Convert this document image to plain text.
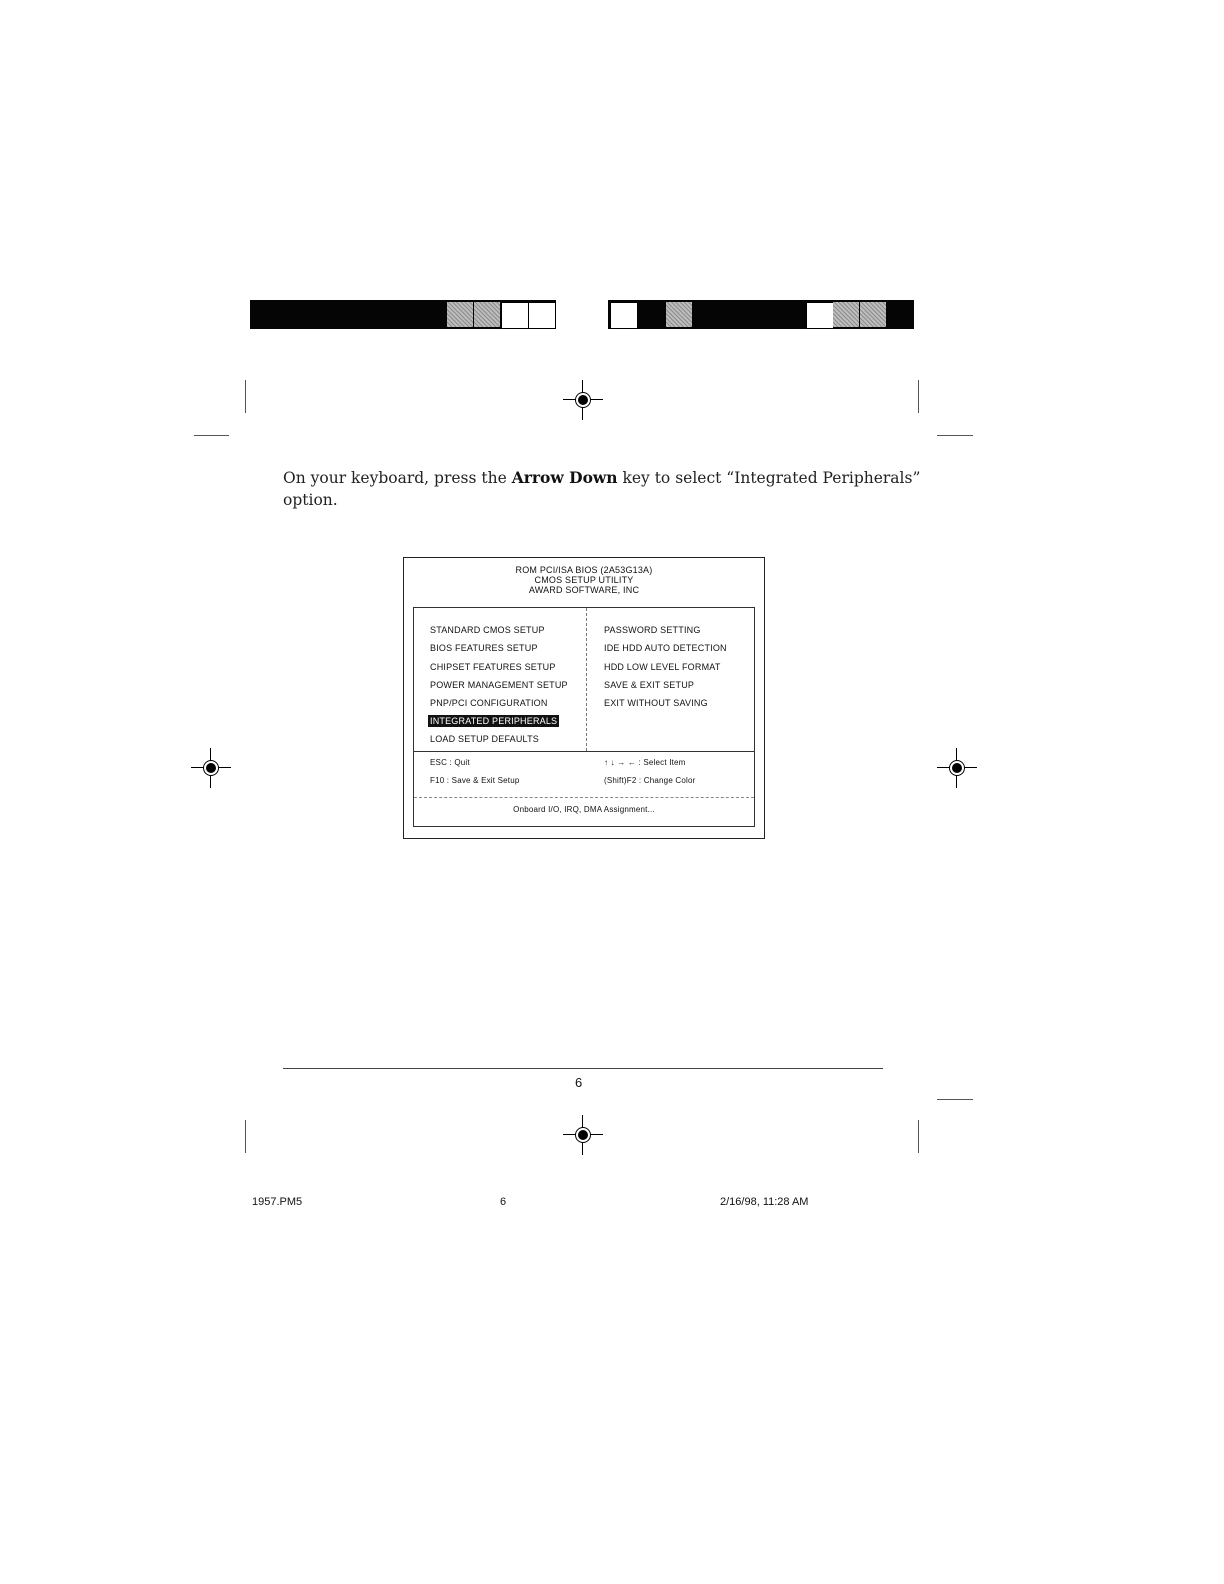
On your keyboard, press the Arrow Down key to select “Integrated Peripherals” option.
ROM PCI/ISA BIOS (2A53G13A)
CMOS SETUP UTILITY
AWARD SOFTWARE, INC
STANDARD CMOS SETUP
BIOS FEATURES SETUP
CHIPSET FEATURES SETUP
POWER MANAGEMENT SETUP
PNP/PCI CONFIGURATION
INTEGRATED PERIPHERALS
LOAD SETUP DEFAULTS
PASSWORD SETTING
IDE HDD AUTO DETECTION
HDD LOW LEVEL FORMAT
SAVE & EXIT SETUP
EXIT WITHOUT SAVING
ESC : Quit
F10 : Save & Exit Setup
↑ ↓ → ← : Select Item
(Shift)F2 : Change Color
Onboard I/O, IRQ, DMA Assignment...
6
1957.PM5	6	2/16/98, 11:28 AM
